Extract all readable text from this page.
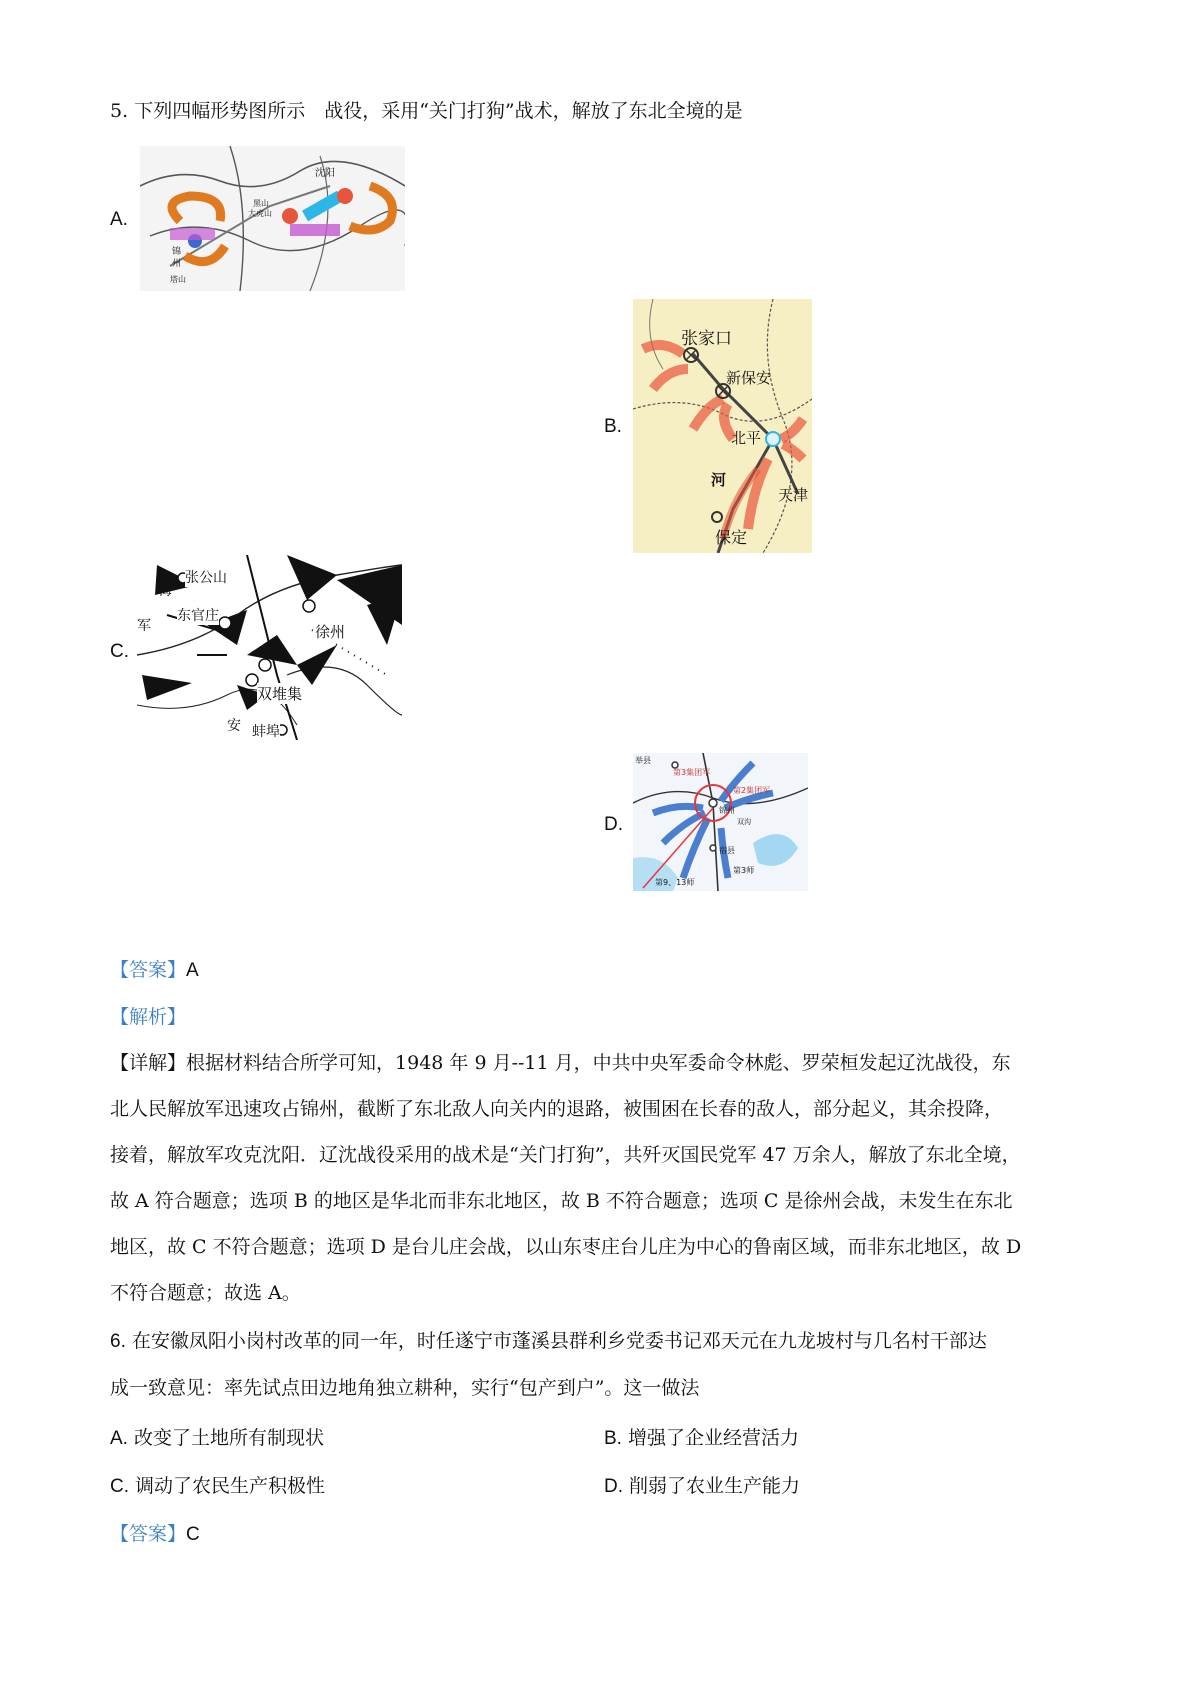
5. 下列四幅形势图所示　战役，采用“关门打狗”战术，解放了东北全境的是
A.
沈阳
黑山
大虎山
锦
州
塔山
B.
张家口
新保安
北平
河
天津
保定
C.
张公山
海
东官庄
徐州
军
双堆集
安 蚌埠
D.
举县
第3集团军
第2集团军
锦州
双沟
宿县
第3师
第9、13师
【答案】A
【解析】
【详解】根据材料结合所学可知，1948 年 9 月--11 月，中共中央军委命令林彪、罗荣桓发起辽沈战役，东
北人民解放军迅速攻占锦州，截断了东北敌人向关内的退路，被围困在长春的敌人，部分起义，其余投降，
接着，解放军攻克沈阳．辽沈战役采用的战术是“关门打狗”，共歼灭国民党军 47 万余人，解放了东北全境，
故 A 符合题意；选项 B 的地区是华北而非东北地区，故 B 不符合题意；选项 C 是徐州会战，未发生在东北
地区，故 C 不符合题意；选项 D 是台儿庄会战，以山东枣庄台儿庄为中心的鲁南区域，而非东北地区，故 D
不符合题意；故选 A。
6. 在安徽凤阳小岗村改革的同一年，时任遂宁市蓬溪县群利乡党委书记邓天元在九龙坡村与几名村干部达
成一致意见：率先试点田边地角独立耕种，实行“包产到户”。这一做法
A. 改变了土地所有制现状	B. 增强了企业经营活力
C. 调动了农民生产积极性	D. 削弱了农业生产能力
【答案】C
